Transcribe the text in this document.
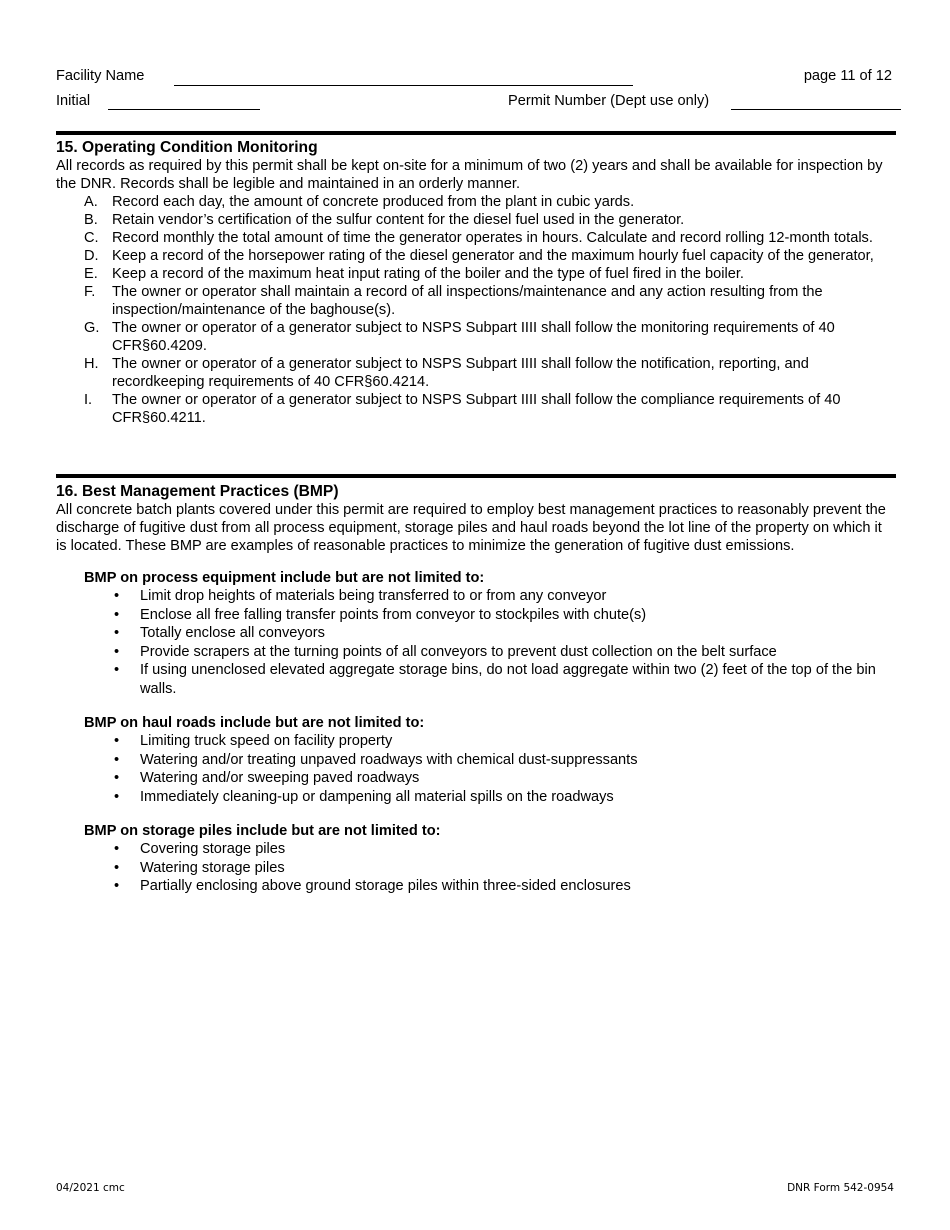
Facility Name	page 11 of 12
Initial	Permit Number (Dept use only)

15. Operating Condition Monitoring

All records as required by this permit shall be kept on-site for a minimum of two (2) years and shall be available for inspection by the DNR. Records shall be legible and maintained in an orderly manner.

A. Record each day, the amount of concrete produced from the plant in cubic yards.
B. Retain vendor’s certification of the sulfur content for the diesel fuel used in the generator.
C. Record monthly the total amount of time the generator operates in hours. Calculate and record rolling 12-month totals.
D. Keep a record of the horsepower rating of the diesel generator and the maximum hourly fuel capacity of the generator,
E. Keep a record of the maximum heat input rating of the boiler and the type of fuel fired in the boiler.
F.	The owner or operator shall maintain a record of all inspections/maintenance and any action resulting from the inspection/maintenance of the baghouse(s).
G. The owner or operator of a generator subject to NSPS Subpart IIII shall follow the monitoring requirements of 40 CFR§60.4209.
H. The owner or operator of a generator subject to NSPS Subpart IIII shall follow the notification, reporting, and recordkeeping requirements of 40 CFR§60.4214.
I.	The owner or operator of a generator subject to NSPS Subpart IIII shall follow the compliance requirements of 40 CFR§60.4211.

16. Best Management Practices (BMP)

All concrete batch plants covered under this permit are required to employ best management practices to reasonably prevent the discharge of fugitive dust from all process equipment, storage piles and haul roads beyond the lot line of the property on which it is located. These BMP are examples of reasonable practices to minimize the generation of fugitive dust emissions.

BMP on process equipment include but are not limited to:

•	Limit drop heights of materials being transferred to or from any conveyor
•	Enclose all free falling transfer points from conveyor to stockpiles with chute(s)
•	Totally enclose all conveyors
•	Provide scrapers at the turning points of all conveyors to prevent dust collection on the belt surface
•	If using unenclosed elevated aggregate storage bins, do not load aggregate within two (2) feet of the top of the bin walls.

BMP on haul roads include but are not limited to:

•	Limiting truck speed on facility property
•	Watering and/or treating unpaved roadways with chemical dust-suppressants
•	Watering and/or sweeping paved roadways
•	Immediately cleaning-up or dampening all material spills on the roadways

BMP on storage piles include but are not limited to:

•	Covering storage piles
•	Watering storage piles
•	Partially enclosing above ground storage piles within three-sided enclosures
04/2021 cmc	DNR Form 542-0954
